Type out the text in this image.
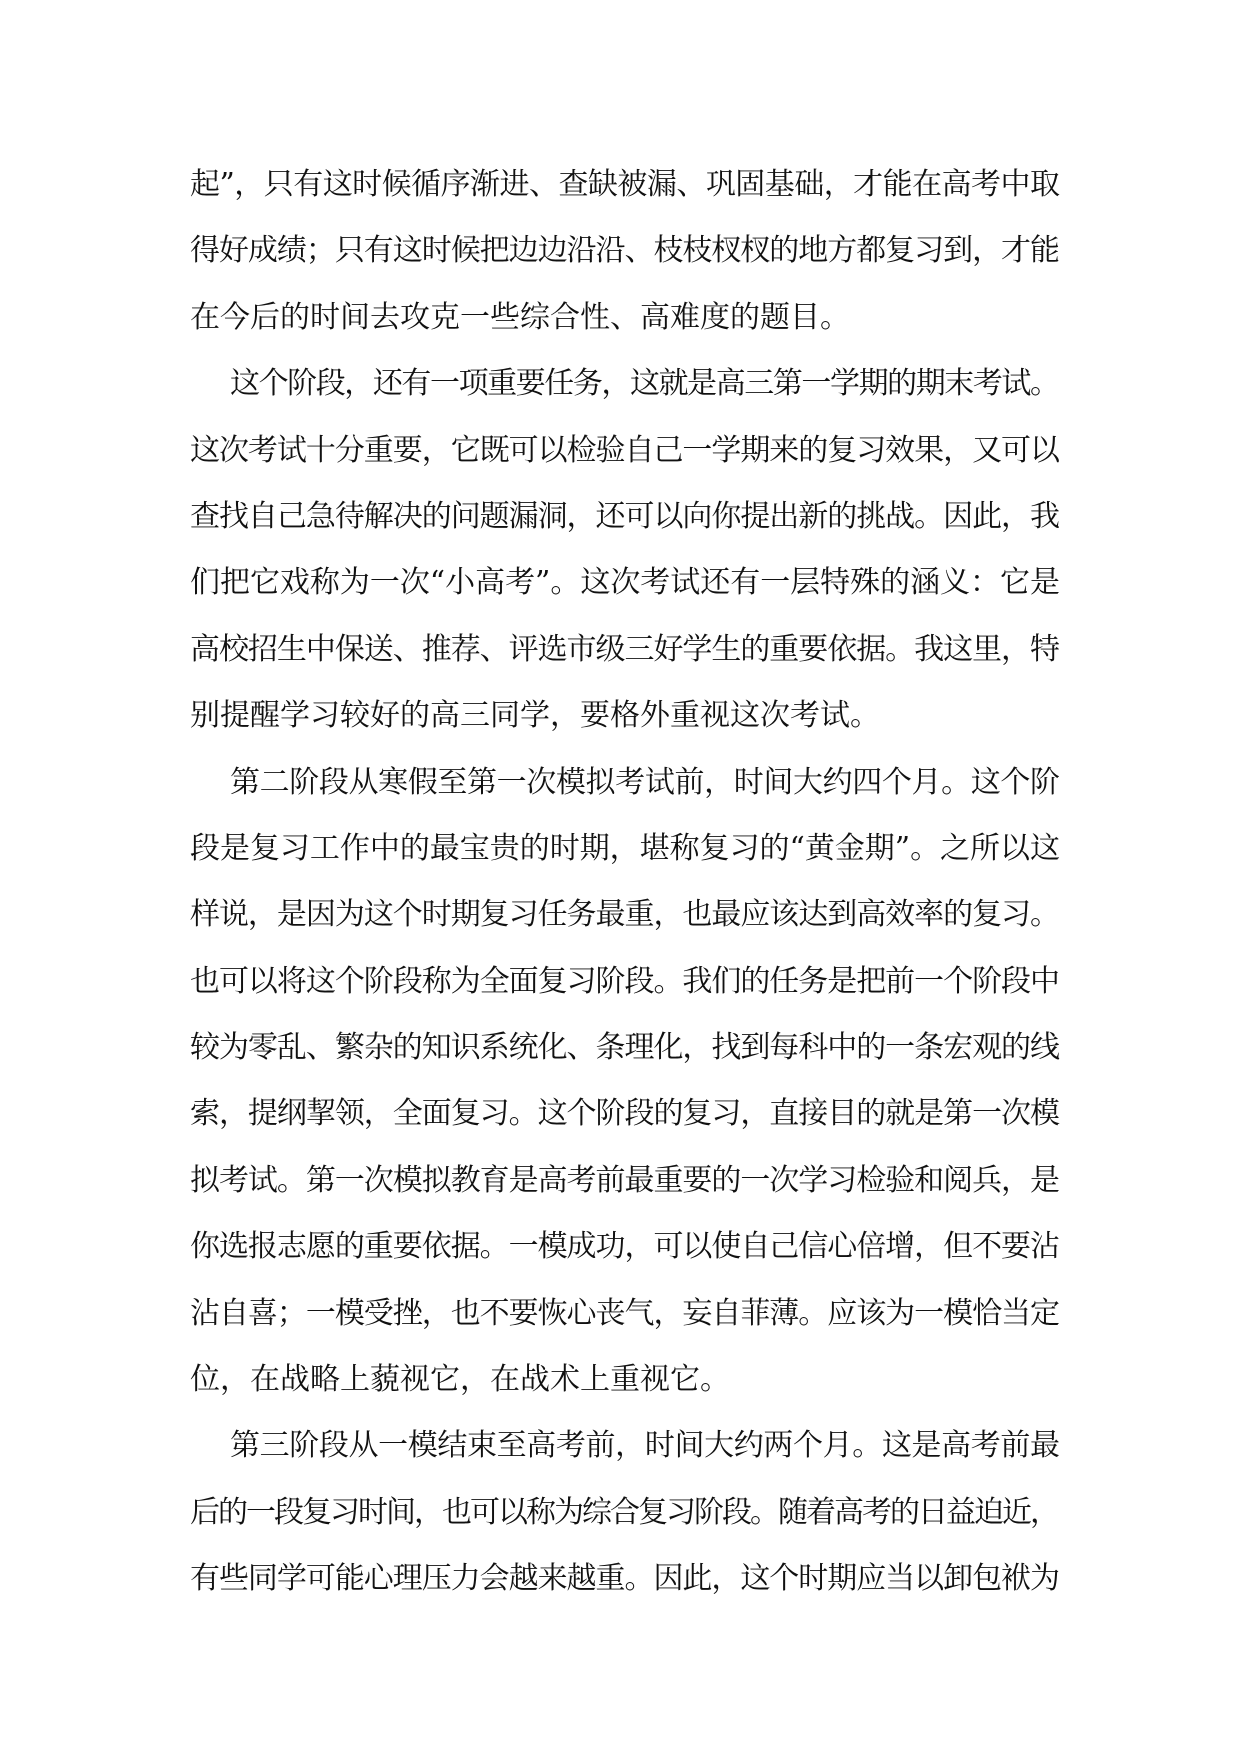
起”，只有这时候循序渐进、查缺被漏、巩固基础，才能在高考中取
得好成绩；只有这时候把边边沿沿、枝枝杈杈的地方都复习到，才能
在今后的时间去攻克一些综合性、高难度的题目。
这个阶段，还有一项重要任务，这就是高三第一学期的期末考试。
这次考试十分重要，它既可以检验自己一学期来的复习效果，又可以
查找自己急待解决的问题漏洞，还可以向你提出新的挑战。因此，我
们把它戏称为一次“小高考”。这次考试还有一层特殊的涵义：它是
高校招生中保送、推荐、评选市级三好学生的重要依据。我这里，特
别提醒学习较好的高三同学，要格外重视这次考试。
第二阶段从寒假至第一次模拟考试前，时间大约四个月。这个阶
段是复习工作中的最宝贵的时期，堪称复习的“黄金期”。之所以这
样说，是因为这个时期复习任务最重，也最应该达到高效率的复习。
也可以将这个阶段称为全面复习阶段。我们的任务是把前一个阶段中
较为零乱、繁杂的知识系统化、条理化，找到每科中的一条宏观的线
索，提纲挈领，全面复习。这个阶段的复习，直接目的就是第一次模
拟考试。第一次模拟教育是高考前最重要的一次学习检验和阅兵，是
你选报志愿的重要依据。一模成功，可以使自己信心倍增，但不要沾
沾自喜；一模受挫，也不要恢心丧气，妄自菲薄。应该为一模恰当定
位，在战略上藐视它，在战术上重视它。
第三阶段从一模结束至高考前，时间大约两个月。这是高考前最
后的一段复习时间，也可以称为综合复习阶段。随着高考的日益迫近，
有些同学可能心理压力会越来越重。因此，这个时期应当以卸包袱为
